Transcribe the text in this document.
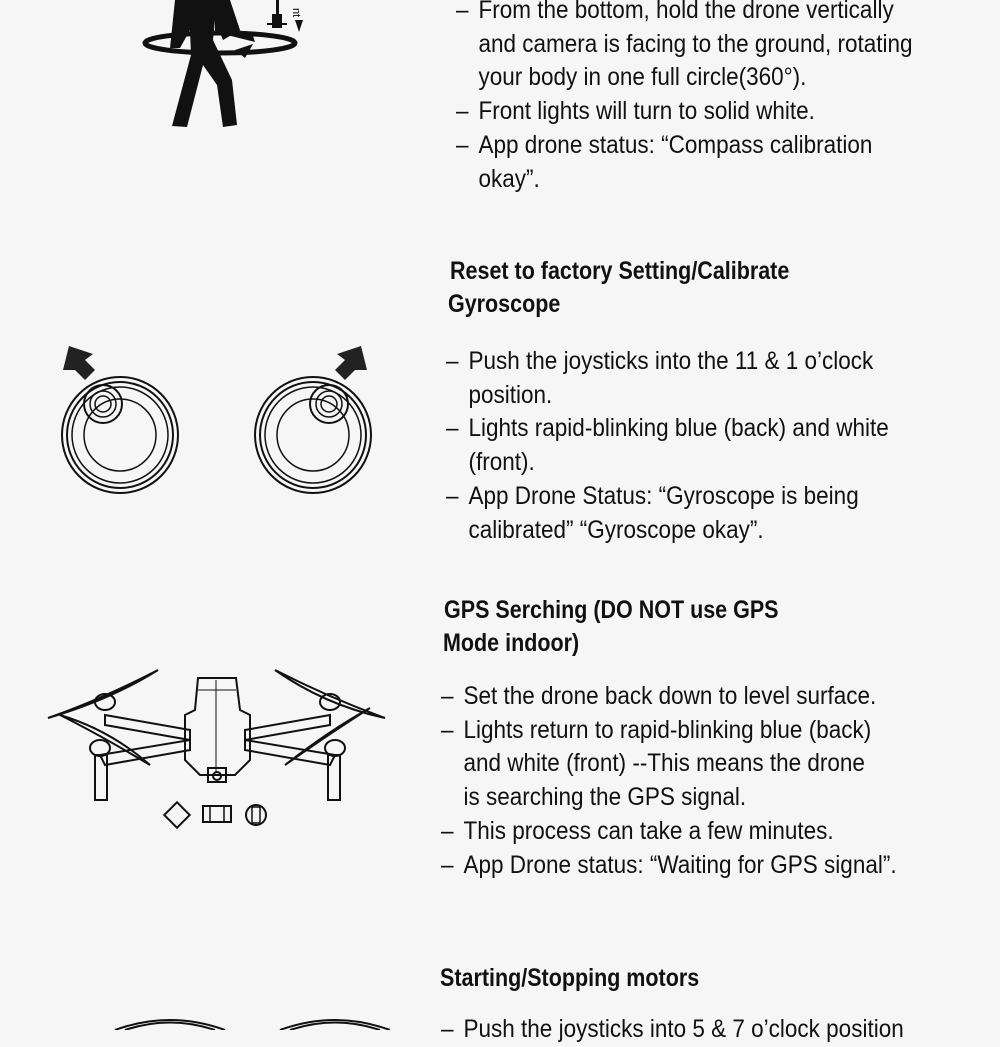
nt
–	From the bottom, hold the drone vertically
and camera is facing to the ground, rotating
your body in one full circle(360°).
– Front lights will turn to solid white.
– App drone status: “Compass calibration
okay”.
Reset to factory Setting/Calibrate
Gyroscope
– Push the joysticks into the 11 & 1 o’clock
position.
– Lights rapid-blinking blue (back) and white
(front).
– App Drone Status: “Gyroscope is being
calibrated” “Gyroscope okay”.
GPS Serching (DO NOT use GPS
Mode indoor)
– Set the drone back down to level surface.
– Lights return to rapid-blinking blue (back)
and white (front) --This means the drone
is searching the GPS signal.
– This process can take a few minutes.
– App Drone status: “Waiting for GPS signal”.
Starting/Stopping motors
– Push the joysticks into 5 & 7 o’clock position
